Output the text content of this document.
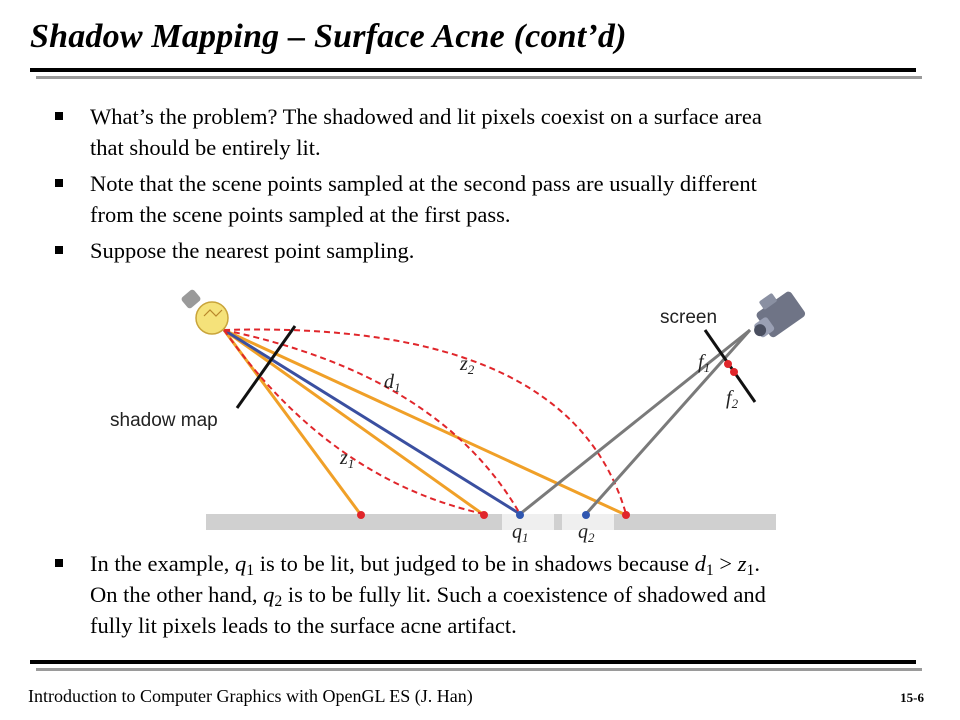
Shadow Mapping – Surface Acne (cont’d)
What’s the problem? The shadowed and lit pixels coexist on a surface area
that should be entirely lit.
Note that the scene points sampled at the second pass are usually different
from the scene points sampled at the first pass.
Suppose the nearest point sampling.
screen
shadow map
$f_1$
$f_2$
$z_2$
$d_1$
$z_1$
$q_1$ $q_2$
In the example, $q_1$ is to be lit, but judged to be in shadows because $d_1 > z_1$.
On the other hand, $q_2$ is to be fully lit. Such a coexistence of shadowed and
fully lit pixels leads to the surface acne artifact.
Introduction to Computer Graphics with OpenGL ES (J. Han)	15-6
